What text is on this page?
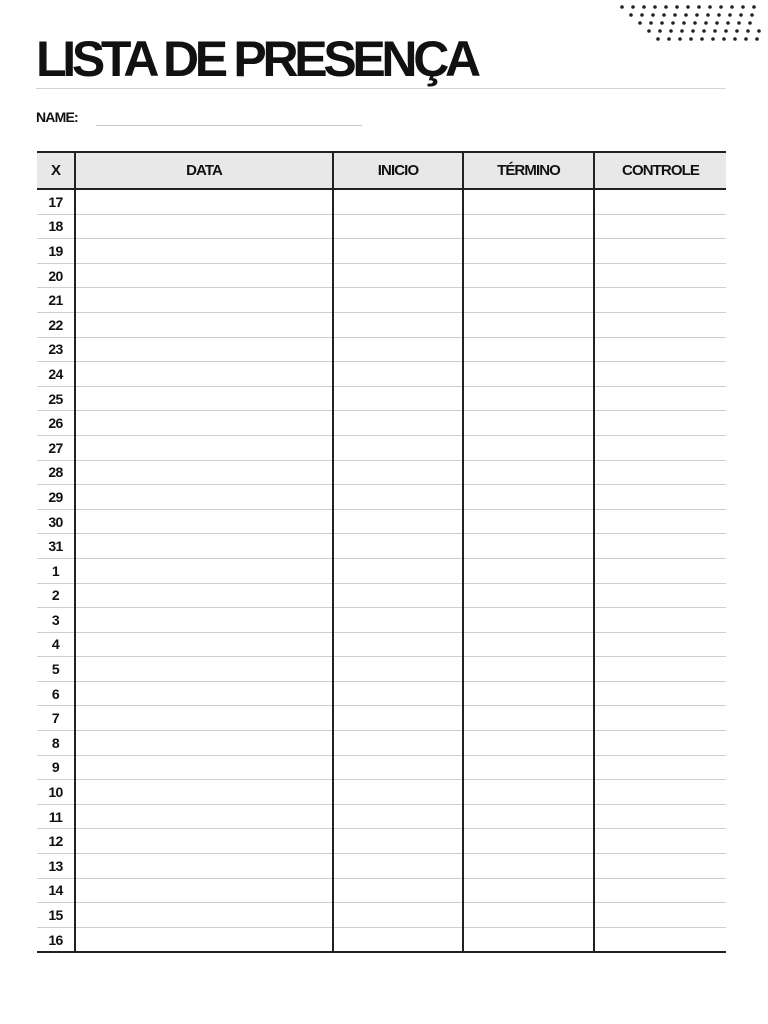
LISTA DE PRESENÇA
NAME:
X	DATA	INICIO	TÉRMINO	CONTROLE
17				
18				
19				
20				
21				
22				
23				
24				
25				
26				
27				
28				
29				
30				
31				
1				
2				
3				
4				
5				
6				
7				
8				
9				
10				
11				
12				
13				
14				
15				
16				
